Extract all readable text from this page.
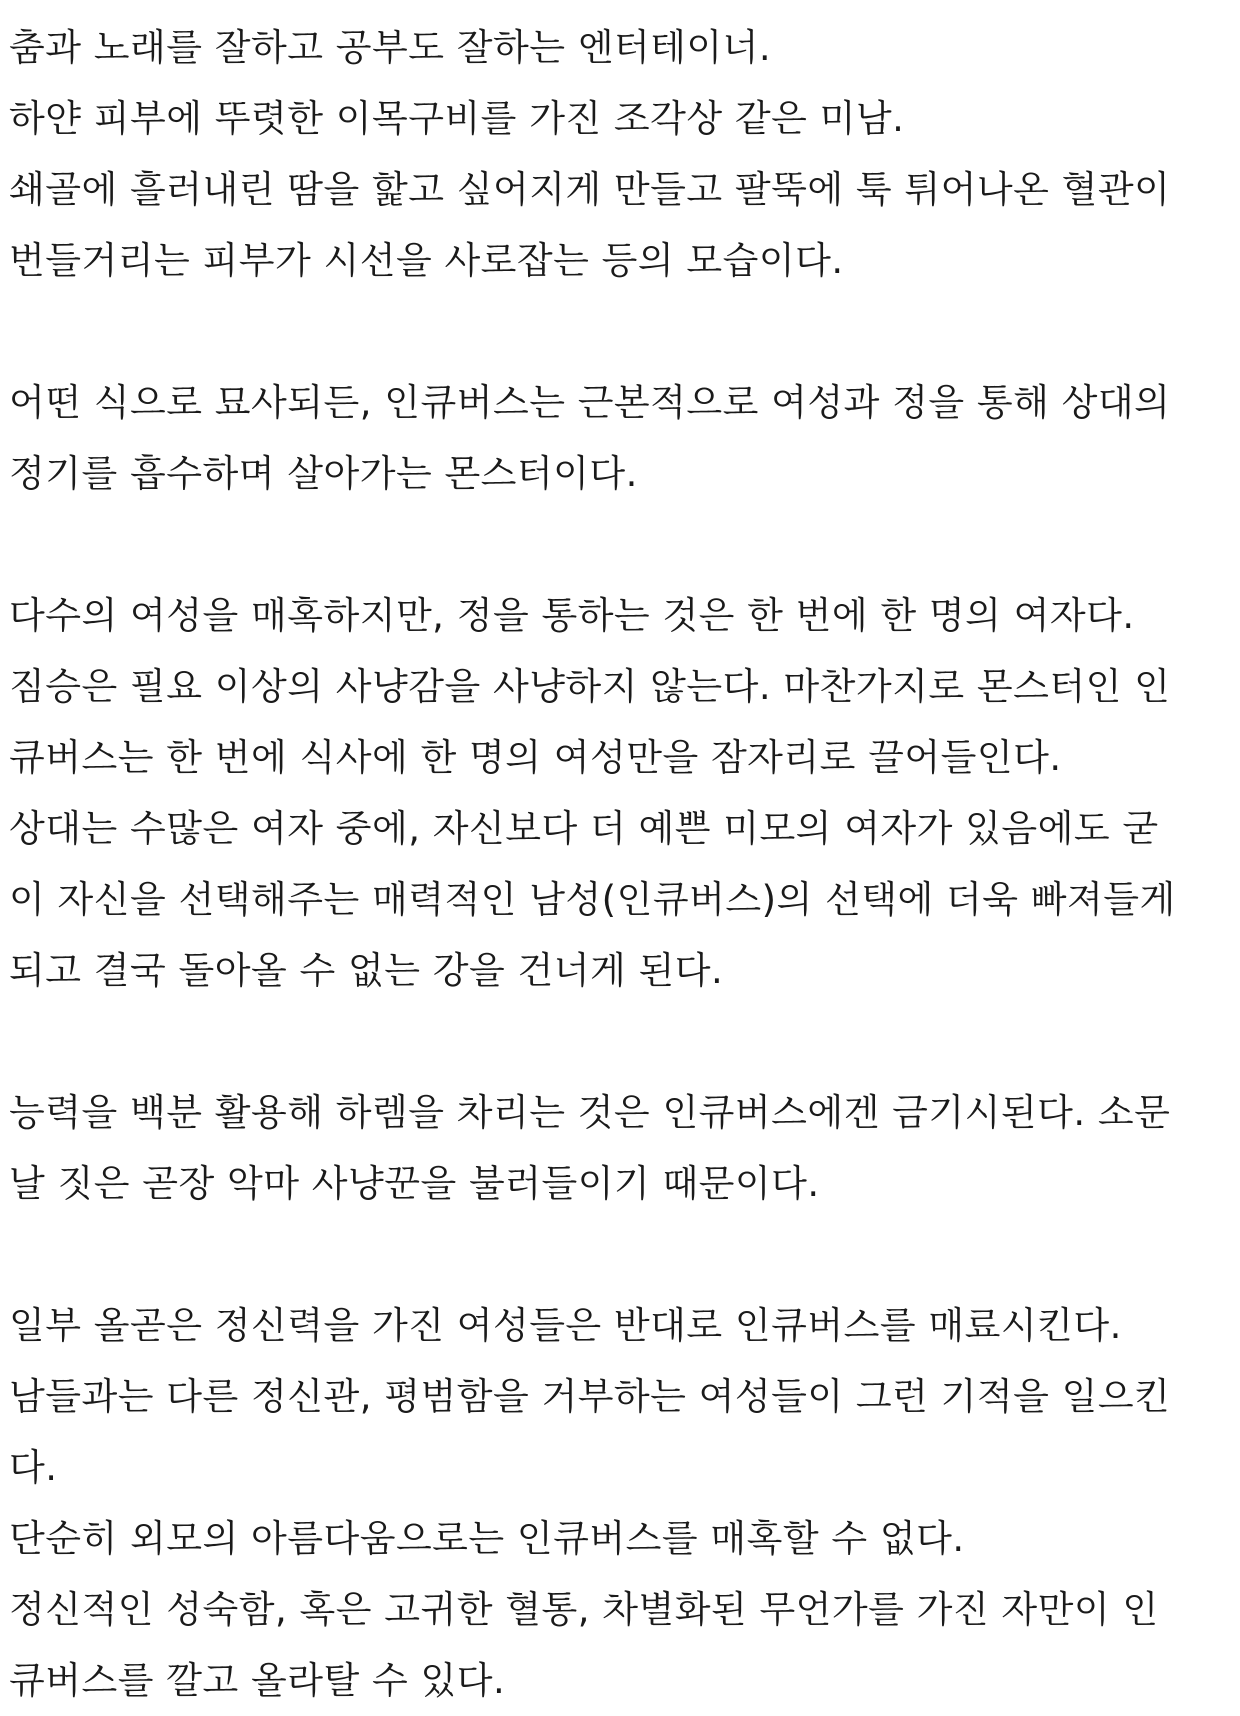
춤과 노래를 잘하고 공부도 잘하는 엔터테이너.
하얀 피부에 뚜렷한 이목구비를 가진 조각상 같은 미남.
쇄골에 흘러내린 땀을 핥고 싶어지게 만들고 팔뚝에 툭 튀어나온 혈관이
번들거리는 피부가 시선을 사로잡는 등의 모습이다.
어떤 식으로 묘사되든, 인큐버스는 근본적으로 여성과 정을 통해 상대의
정기를 흡수하며 살아가는 몬스터이다.
다수의 여성을 매혹하지만, 정을 통하는 것은 한 번에 한 명의 여자다.
짐승은 필요 이상의 사냥감을 사냥하지 않는다. 마찬가지로 몬스터인 인
큐버스는 한 번에 식사에 한 명의 여성만을 잠자리로 끌어들인다.
상대는 수많은 여자 중에, 자신보다 더 예쁜 미모의 여자가 있음에도 굳
이 자신을 선택해주는 매력적인 남성(인큐버스)의 선택에 더욱 빠져들게
되고 결국 돌아올 수 없는 강을 건너게 된다.
능력을 백분 활용해 하렘을 차리는 것은 인큐버스에겐 금기시된다. 소문
날 짓은 곧장 악마 사냥꾼을 불러들이기 때문이다.
일부 올곧은 정신력을 가진 여성들은 반대로 인큐버스를 매료시킨다.
남들과는 다른 정신관, 평범함을 거부하는 여성들이 그런 기적을 일으킨
다.
단순히 외모의 아름다움으로는 인큐버스를 매혹할 수 없다.
정신적인 성숙함, 혹은 고귀한 혈통, 차별화된 무언가를 가진 자만이 인
큐버스를 깔고 올라탈 수 있다.
